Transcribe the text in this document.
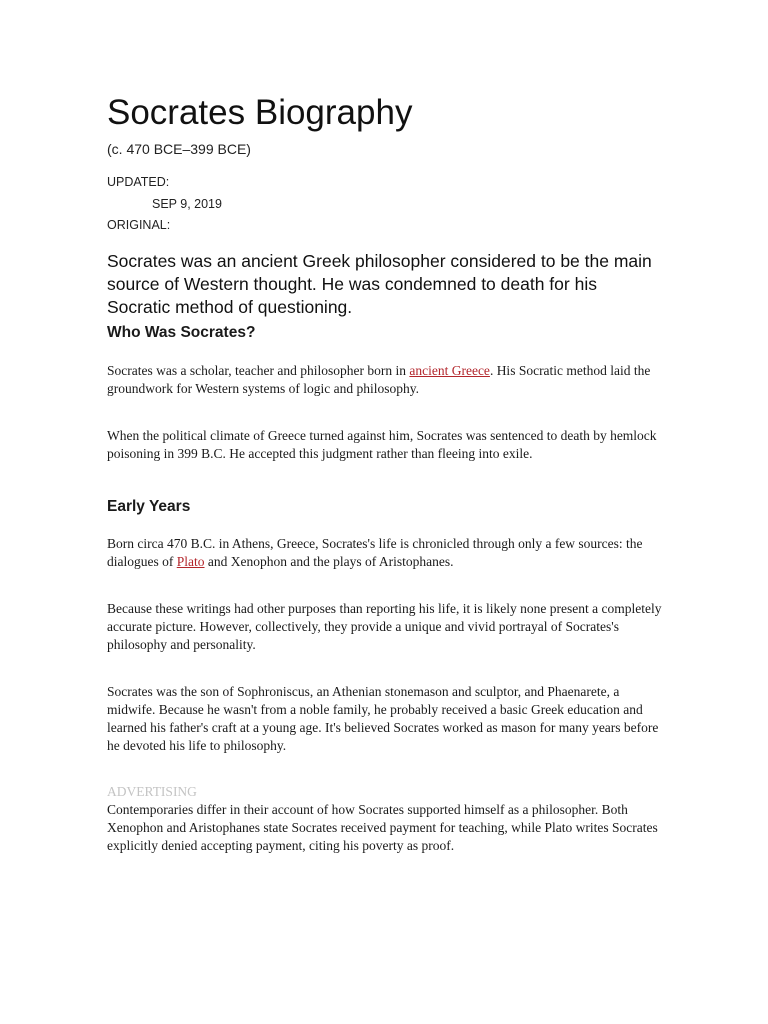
Socrates Biography
(c. 470 BCE–399 BCE)
UPDATED:
SEP 9, 2019
ORIGINAL:

Socrates was an ancient Greek philosopher considered to be the main source of Western thought. He was condemned to death for his Socratic method of questioning.

Who Was Socrates?

Socrates was a scholar, teacher and philosopher born in ancient Greece. His Socratic method laid the groundwork for Western systems of logic and philosophy.

When the political climate of Greece turned against him, Socrates was sentenced to death by hemlock poisoning in 399 B.C. He accepted this judgment rather than fleeing into exile.

Early Years

Born circa 470 B.C. in Athens, Greece, Socrates's life is chronicled through only a few sources: the dialogues of Plato and Xenophon and the plays of Aristophanes.

Because these writings had other purposes than reporting his life, it is likely none present a completely accurate picture. However, collectively, they provide a unique and vivid portrayal of Socrates's philosophy and personality.

Socrates was the son of Sophroniscus, an Athenian stonemason and sculptor, and Phaenarete, a midwife. Because he wasn't from a noble family, he probably received a basic Greek education and learned his father's craft at a young age. It's believed Socrates worked as mason for many years before he devoted his life to philosophy.

ADVERTISING

Contemporaries differ in their account of how Socrates supported himself as a philosopher. Both Xenophon and Aristophanes state Socrates received payment for teaching, while Plato writes Socrates explicitly denied accepting payment, citing his poverty as proof.
